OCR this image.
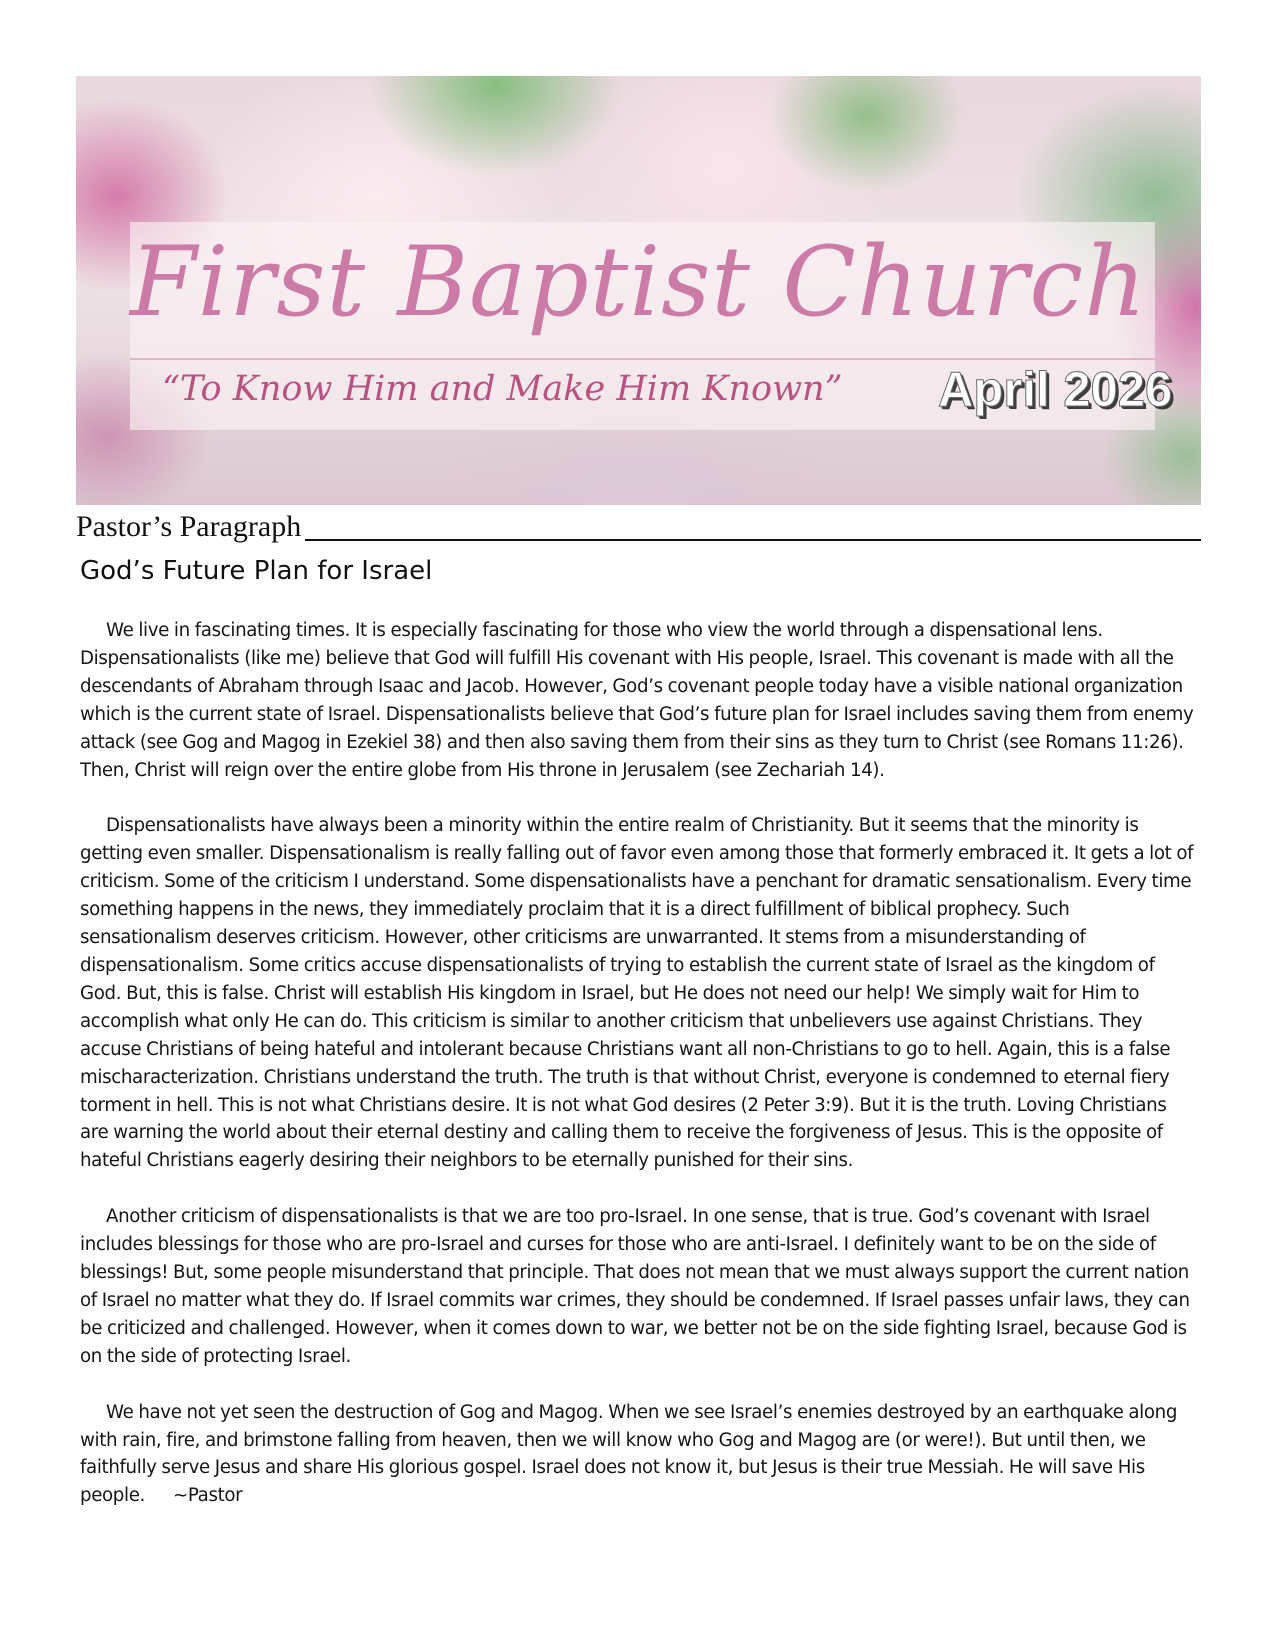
First Baptist Church
“To Know Him and Make Him Known” April 2026
Pastor’s Paragraph
God’s Future Plan for Israel

We live in fascinating times. It is especially fascinating for those who view the world through a dispensational lens. Dispensationalists (like me) believe that God will fulfill His covenant with His people, Israel. This covenant is made with all the descendants of Abraham through Isaac and Jacob. However, God’s covenant people today have a visible national organization which is the current state of Israel. Dispensationalists believe that God’s future plan for Israel includes saving them from enemy attack (see Gog and Magog in Ezekiel 38) and then also saving them from their sins as they turn to Christ (see Romans 11:26). Then, Christ will reign over the entire globe from His throne in Jerusalem (see Zechariah 14).

Dispensationalists have always been a minority within the entire realm of Christianity. But it seems that the minority is getting even smaller. Dispensationalism is really falling out of favor even among those that formerly embraced it. It gets a lot of criticism. Some of the criticism I understand. Some dispensationalists have a penchant for dramatic sensationalism. Every time something happens in the news, they immediately proclaim that it is a direct fulfillment of biblical prophecy. Such sensationalism deserves criticism. However, other criticisms are unwarranted. It stems from a misunderstanding of dispensationalism. Some critics accuse dispensationalists of trying to establish the current state of Israel as the kingdom of God. But, this is false. Christ will establish His kingdom in Israel, but He does not need our help! We simply wait for Him to accomplish what only He can do. This criticism is similar to another criticism that unbelievers use against Christians. They accuse Christians of being hateful and intolerant because Christians want all non-Christians to go to hell. Again, this is a false mischaracterization. Christians understand the truth. The truth is that without Christ, everyone is condemned to eternal fiery torment in hell. This is not what Christians desire. It is not what God desires (2 Peter 3:9). But it is the truth. Loving Christians are warning the world about their eternal destiny and calling them to receive the forgiveness of Jesus. This is the opposite of hateful Christians eagerly desiring their neighbors to be eternally punished for their sins.

Another criticism of dispensationalists is that we are too pro-Israel. In one sense, that is true. God’s covenant with Israel includes blessings for those who are pro-Israel and curses for those who are anti-Israel. I definitely want to be on the side of blessings! But, some people misunderstand that principle. That does not mean that we must always support the current nation of Israel no matter what they do. If Israel commits war crimes, they should be condemned. If Israel passes unfair laws, they can be criticized and challenged. However, when it comes down to war, we better not be on the side fighting Israel, because God is on the side of protecting Israel.

We have not yet seen the destruction of Gog and Magog. When we see Israel’s enemies destroyed by an earthquake along with rain, fire, and brimstone falling from heaven, then we will know who Gog and Magog are (or were!). But until then, we faithfully serve Jesus and share His glorious gospel. Israel does not know it, but Jesus is their true Messiah. He will save His people. ~Pastor
